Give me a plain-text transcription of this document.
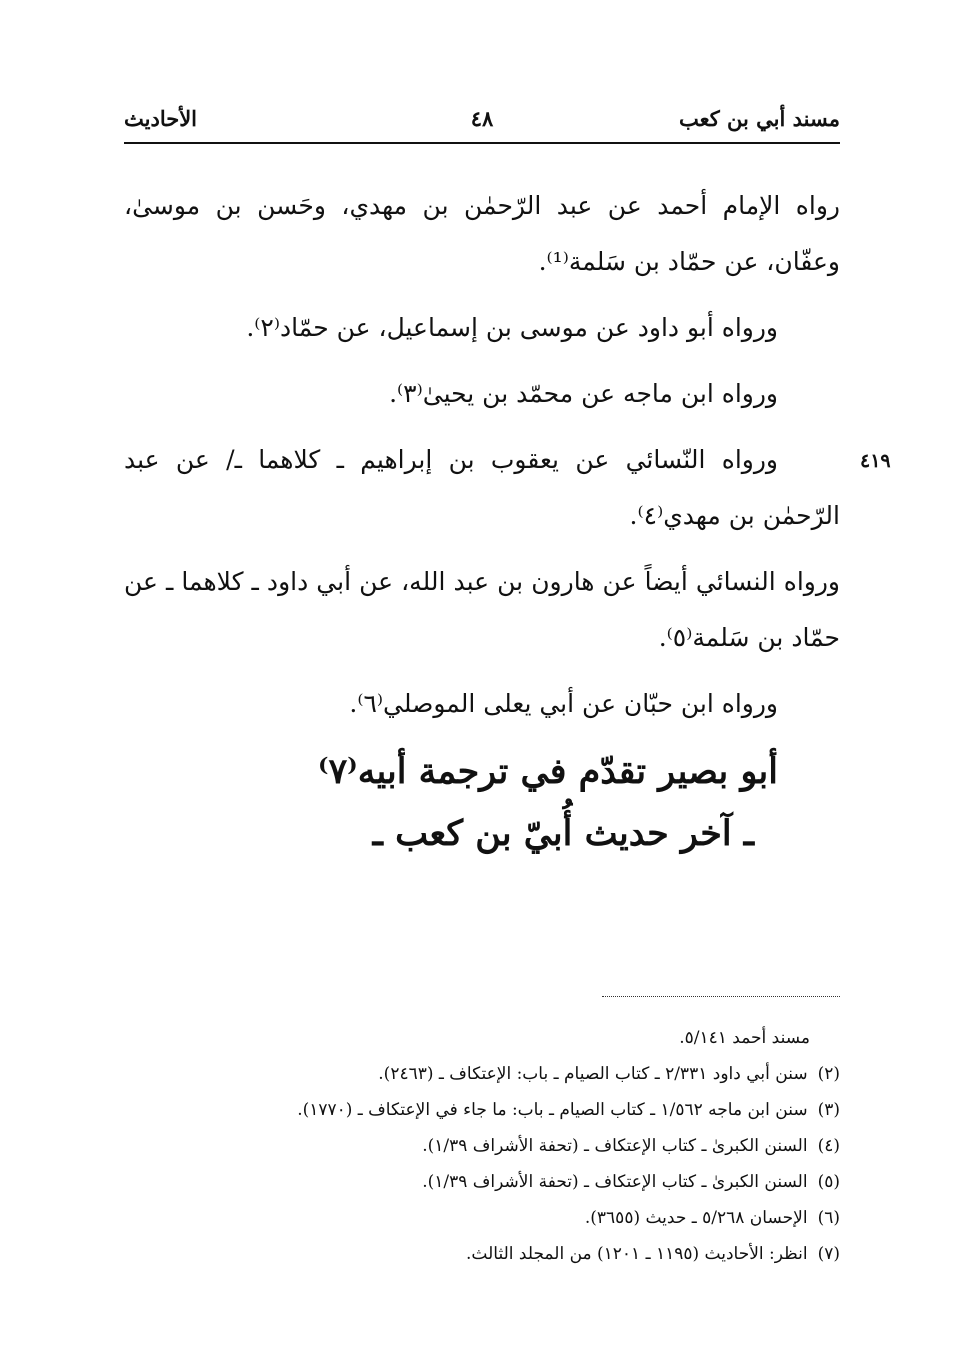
مسند أبي بن كعب
٤٨
الأحاديث
٤١٩

رواه الإمام أحمد عن عبد الرّحمٰن بن مهدي، وحَسن بن موسىٰ، وعفّان، عن حمّاد بن سَلمة⁽¹⁾.

ورواه أبو داود عن موسى بن إسماعيل، عن حمّاد⁽٢⁾.

ورواه ابن ماجه عن محمّد بن يحيىٰ⁽٣⁾.

ورواه النّسائي عن يعقوب بن إبراهيم ـ كلاهما ـ/ عن عبد الرّحمٰن بن مهدي⁽٤⁾.

ورواه النسائي أيضاً عن هارون بن عبد الله، عن أبي داود ـ كلاهما ـ عن حمّاد بن سَلمة⁽٥⁾.

ورواه ابن حبّان عن أبي يعلى الموصلي⁽٦⁾.

أبو بصير تقدّم في ترجمة أبيه⁽٧⁾
ـ آخر حديث أُبيّ بن كعب ـ

مسند أحمد ٥/١٤١.

(٢)سنن أبي داود ٢/٣٣١ ـ كتاب الصيام ـ باب: الإعتكاف ـ (٢٤٦٣).

(٣)سنن ابن ماجه ١/٥٦٢ ـ كتاب الصيام ـ باب: ما جاء في الإعتكاف ـ (١٧٧٠).

(٤)السنن الكبرىٰ ـ كتاب الإعتكاف ـ (تحفة الأشراف ١/٣٩).

(٥)السنن الكبرىٰ ـ كتاب الإعتكاف ـ (تحفة الأشراف ١/٣٩).

(٦)الإحسان ٥/٢٦٨ ـ حديث (٣٦٥٥).

(٧)انظر: الأحاديث (١١٩٥ ـ ١٢٠١) من المجلد الثالث.
